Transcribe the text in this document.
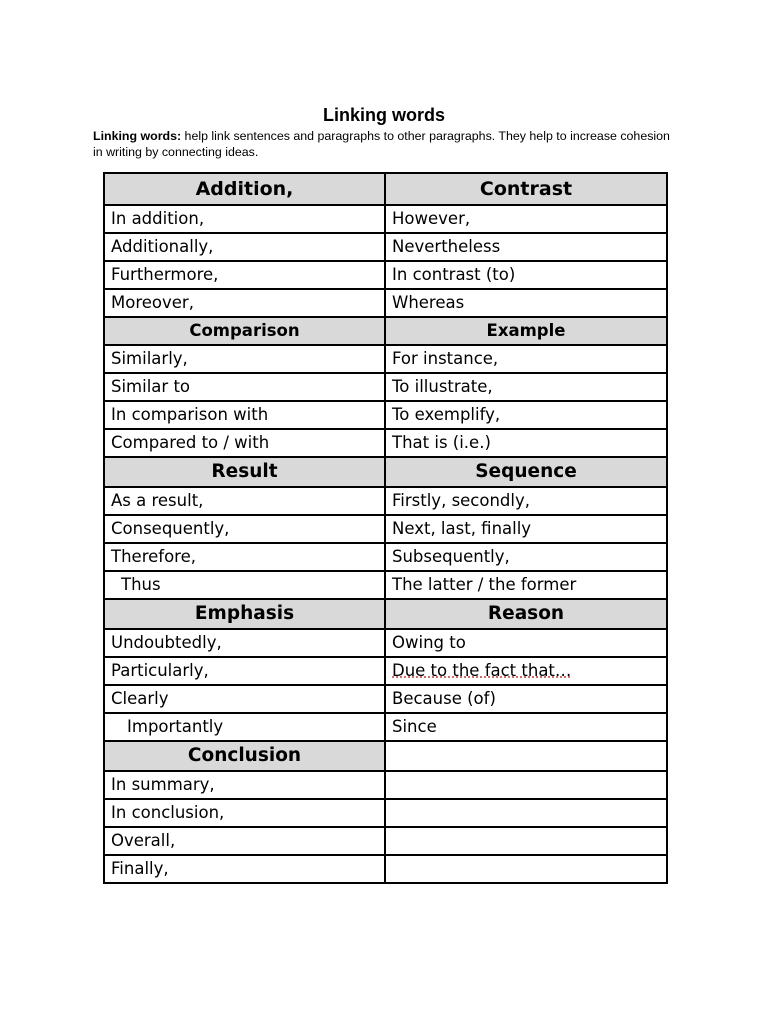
Linking words
Linking words: help link sentences and paragraphs to other paragraphs. They help to increase cohesion in writing by connecting ideas.
Addition,	Contrast
In addition,	However,
Additionally,	Nevertheless
Furthermore,	In contrast (to)
Moreover,	Whereas
Comparison	Example
Similarly,	For instance,
Similar to	To illustrate,
In comparison with	To exemplify,
Compared to / with	That is (i.e.)
Result	Sequence
As a result,	Firstly, secondly,
Consequently,	Next, last, finally
Therefore,	Subsequently,
Thus	The latter / the former
Emphasis	Reason
Undoubtedly,	Owing to
Particularly,	Due to the fact that…
Clearly	Because (of)
Importantly	Since
Conclusion	
In summary,	
In conclusion,	
Overall,	
Finally,	
